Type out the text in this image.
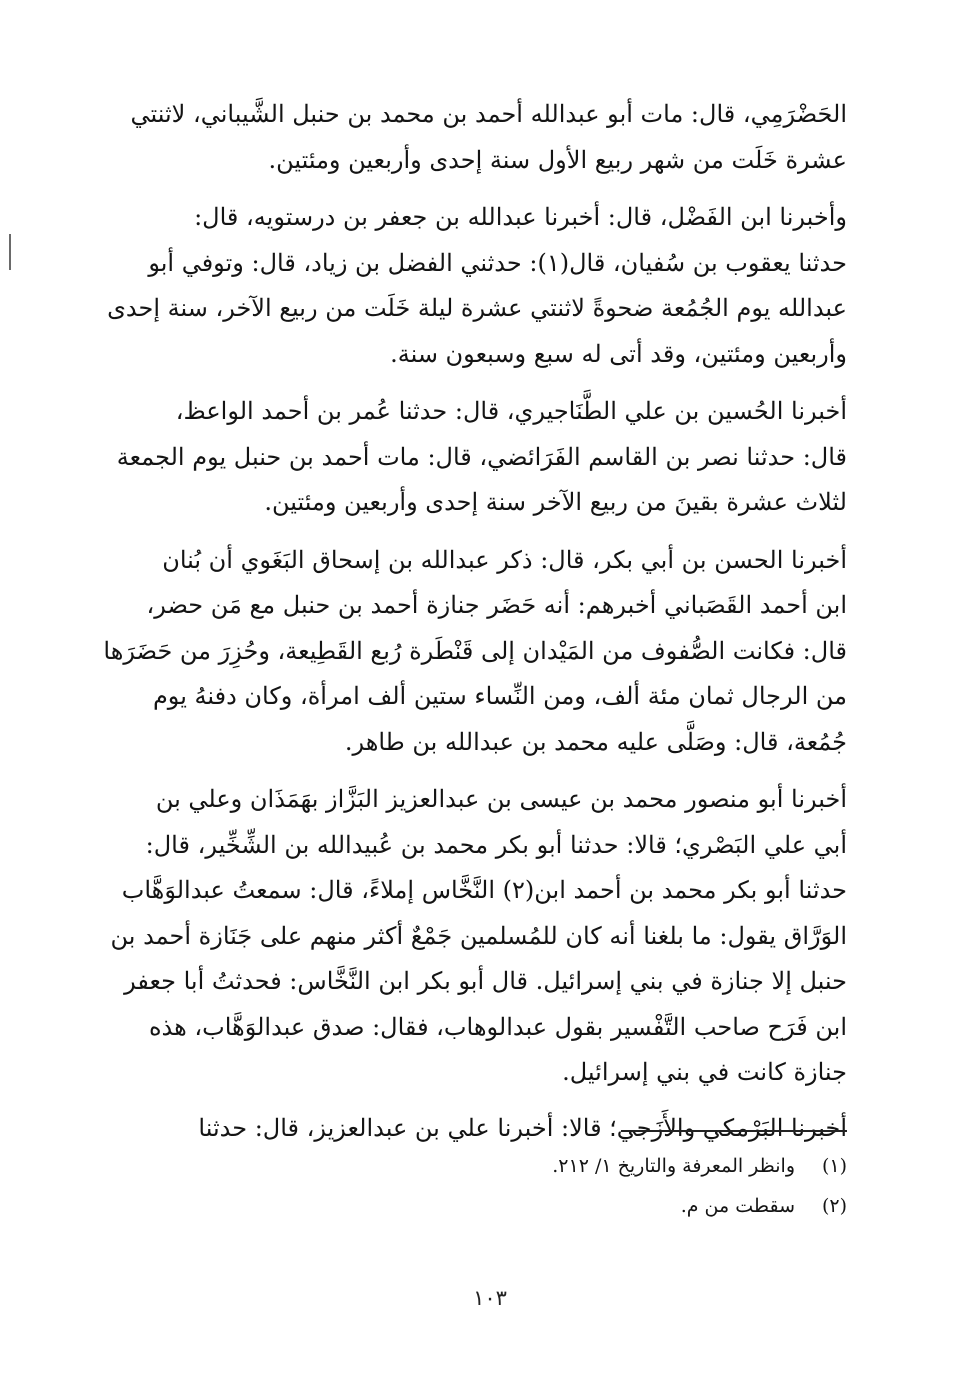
الحَضْرَمِي، قال: مات أبو عبدالله أحمد بن محمد بن حنبل الشَّيباني، لاثنتي
عشرة خَلَت من شهر ربيع الأول سنة إحدى وأربعين ومئتين.

وأخبرنا ابن الفَضْل، قال: أخبرنا عبدالله بن جعفر بن درستويه، قال:
حدثنا يعقوب بن سُفيان، قال(١): حدثني الفضل بن زياد، قال: وتوفي أبو
عبدالله يوم الجُمُعة ضحوةً لاثنتي عشرة ليلة خَلَت من ربيع الآخر، سنة إحدى
وأربعين ومئتين، وقد أتى له سبع وسبعون سنة.

أخبرنا الحُسين بن علي الطَّنَاجيري، قال: حدثنا عُمر بن أحمد الواعظ،
قال: حدثنا نصر بن القاسم الفَرَائضي، قال: مات أحمد بن حنبل يوم الجمعة
لثلاث عشرة بقينَ من ربيع الآخر سنة إحدى وأربعين ومئتين.

أخبرنا الحسن بن أبي بكر، قال: ذكر عبدالله بن إسحاق البَغَوي أن بُنان
ابن أحمد القَصَباني أخبرهم: أنه حَضَر جنازة أحمد بن حنبل مع مَن حضر،
قال: فكانت الصُّفوف من المَيْدان إلى قَنْطَرة رُبع القَطِيعة، وحُزِرَ من حَضَرَها
من الرجال ثمان مئة ألف، ومن النِّساء ستين ألف امرأة، وكان دفنهُ يوم
جُمُعة، قال: وصَلَّى عليه محمد بن عبدالله بن طاهر.

أخبرنا أبو منصور محمد بن عيسى بن عبدالعزيز البَزَّاز بهَمَذَان وعلي بن
أبي علي البَصْري؛ قالا: حدثنا أبو بكر محمد بن عُبيدالله بن الشِّخِّير، قال:
حدثنا أبو بكر محمد بن أحمد ابن(٢) النَّخَّاس إملاءً، قال: سمعتُ عبدالوَهَّاب
الوَرَّاق يقول: ما بلغنا أنه كان للمُسلمين جَمْعٌ أكثر منهم على جَنَازة أحمد بن
حنبل إلا جنازة في بني إسرائيل. قال أبو بكر ابن النَّخَّاس: فحدثتُ أبا جعفر
ابن فَرَح صاحب التَّفْسير بقول عبدالوهاب، فقال: صدق عبدالوَهَّاب، هذه
جنازة كانت في بني إسرائيل.

أخبرنا البَرْمكي والأَزَجي؛ قالا: أخبرنا علي بن عبدالعزيز، قال: حدثنا

(١)
وانظر المعرفة والتاريخ ١/ ٢١٢.
(٢)
سقطت من م.
١٠٣
